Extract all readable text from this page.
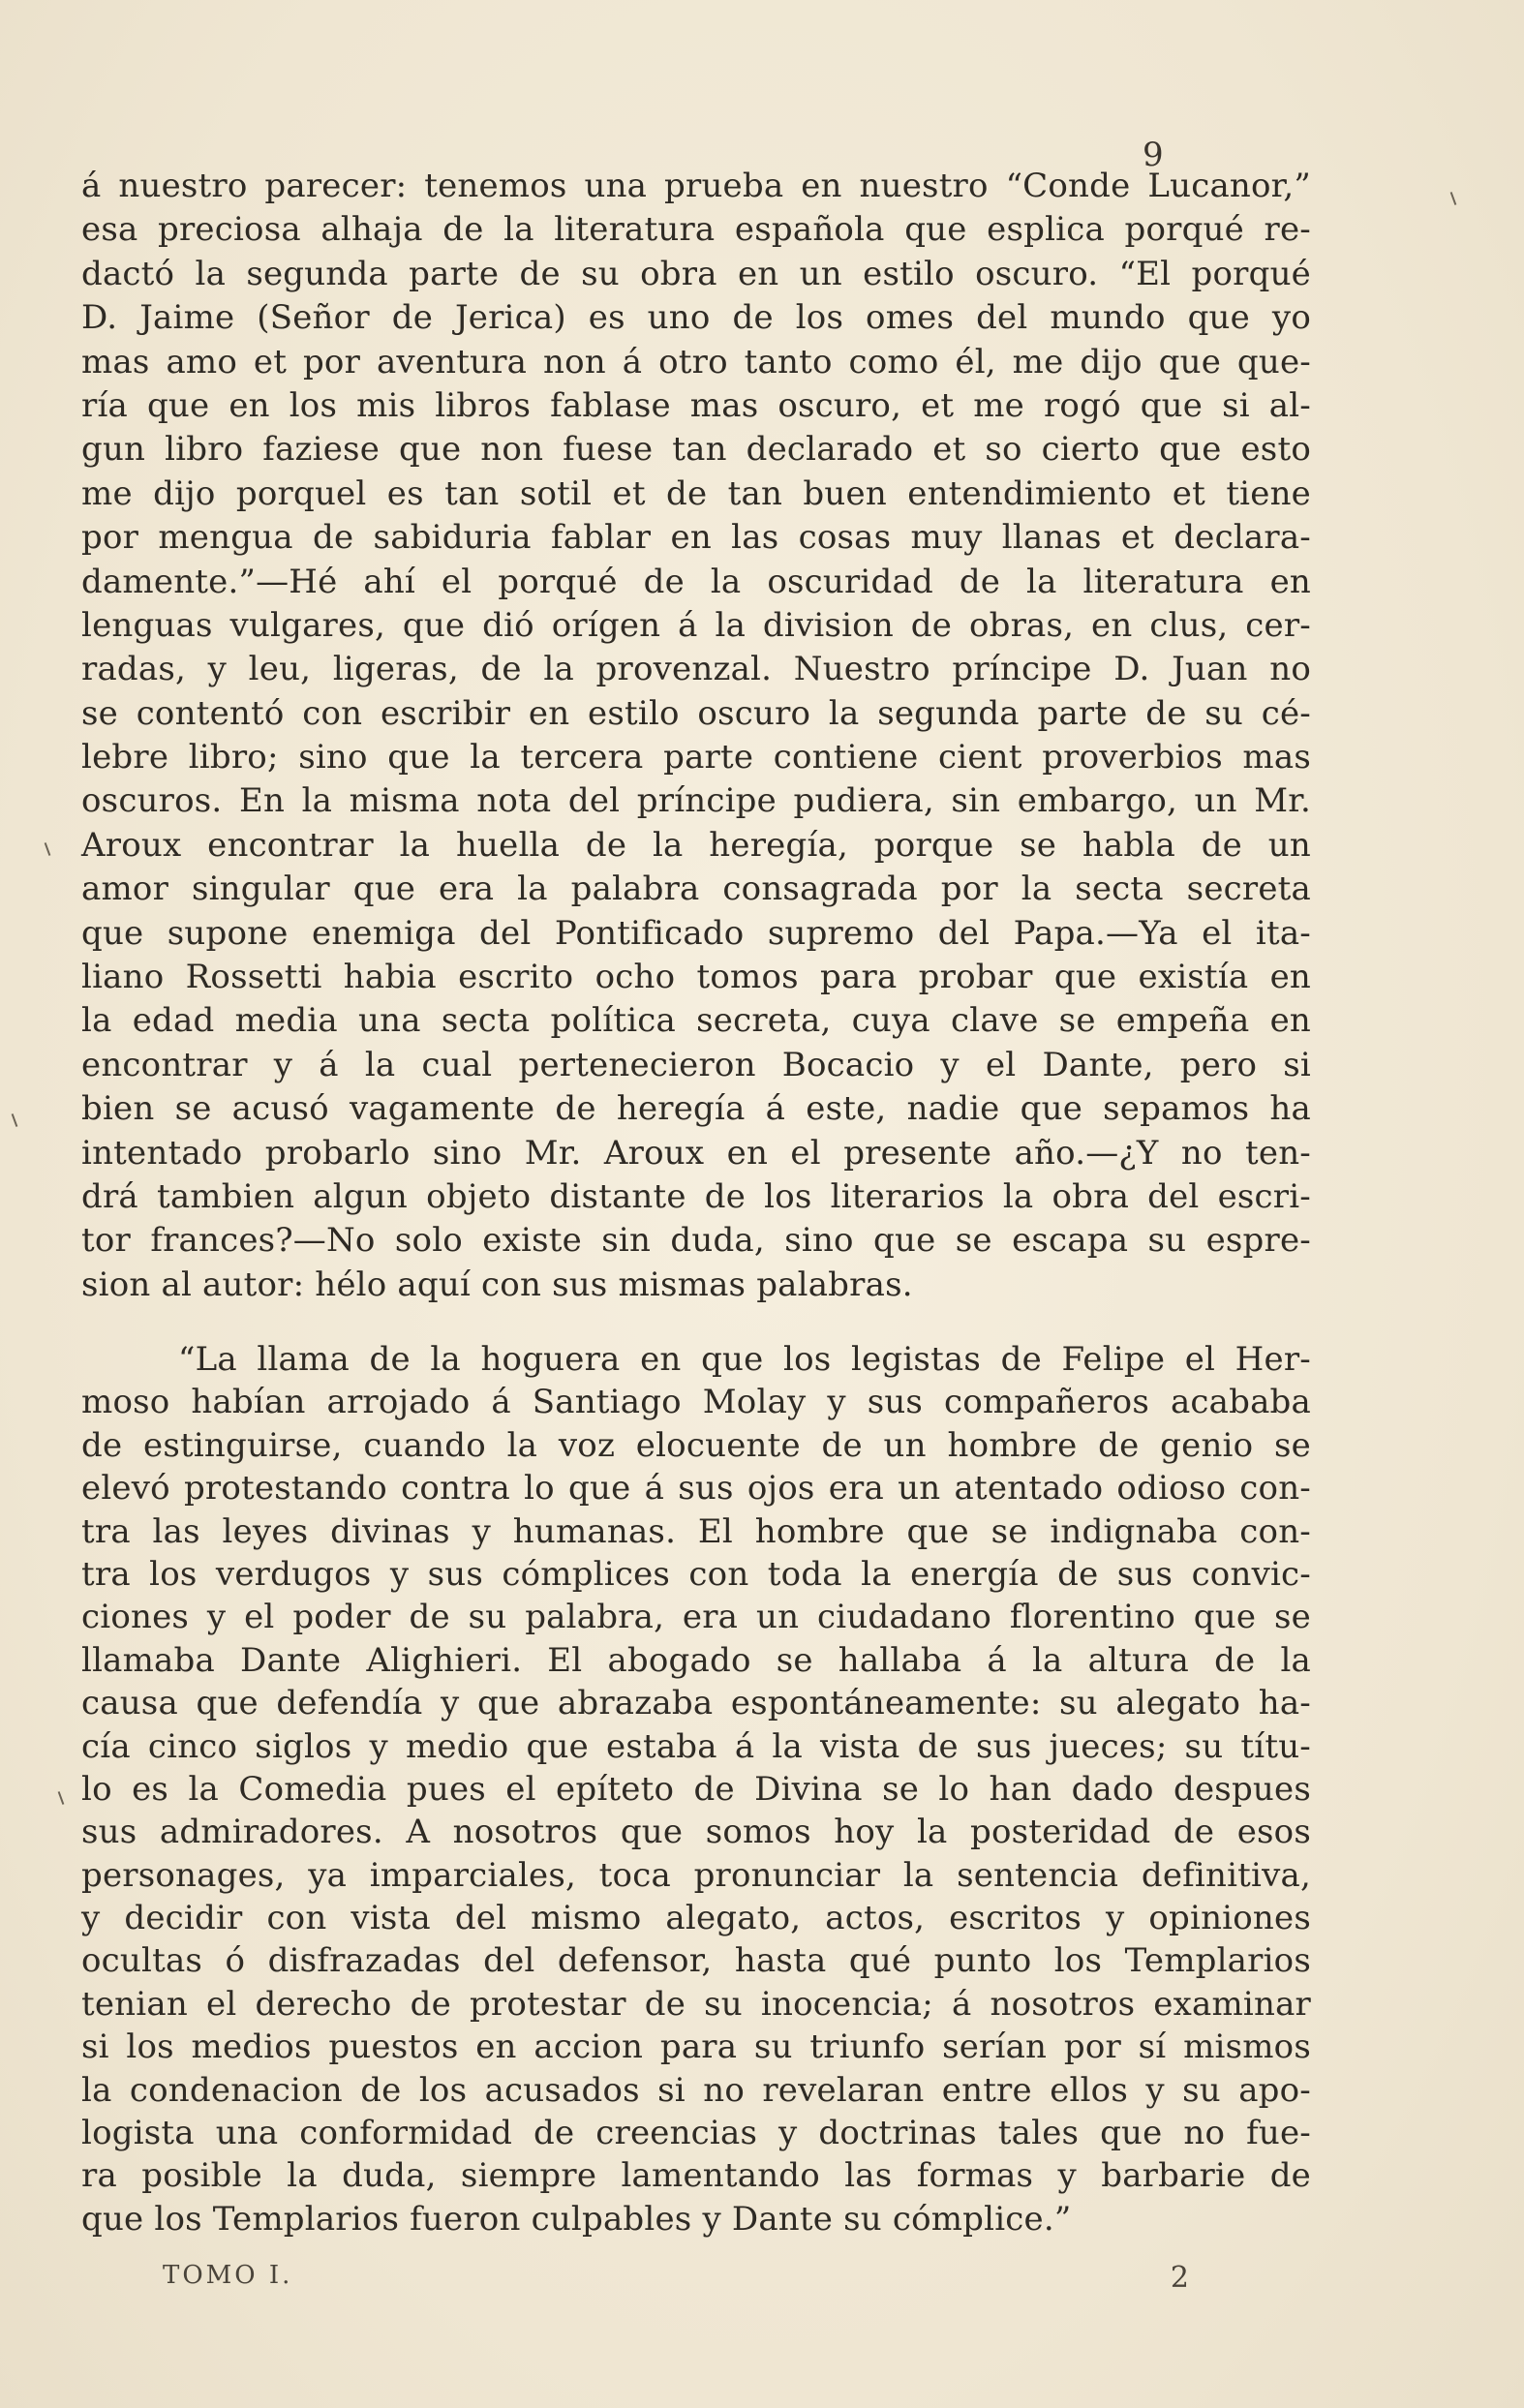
9
á nuestro parecer: tenemos una prueba en nuestro “Conde Lucanor,”
esa preciosa alhaja de la literatura española que esplica porqué re-
dactó la segunda parte de su obra en un estilo oscuro. “El porqué
D. Jaime (Señor de Jerica) es uno de los omes del mundo que yo
mas amo et por aventura non á otro tanto como él, me dijo que que-
ría que en los mis libros fablase mas oscuro, et me rogó que si al-
gun libro faziese que non fuese tan declarado et so cierto que esto
me dijo porquel es tan sotil et de tan buen entendimiento et tiene
por mengua de sabiduria fablar en las cosas muy llanas et declara-
damente.”—Hé ahí el porqué de la oscuridad de la literatura en
lenguas vulgares, que dió orígen á la division de obras, en clus, cer-
radas, y leu, ligeras, de la provenzal. Nuestro príncipe D. Juan no
se contentó con escribir en estilo oscuro la segunda parte de su cé-
lebre libro; sino que la tercera parte contiene cient proverbios mas
oscuros. En la misma nota del príncipe pudiera, sin embargo, un Mr.
Aroux encontrar la huella de la heregía, porque se habla de un
amor singular que era la palabra consagrada por la secta secreta
que supone enemiga del Pontificado supremo del Papa.—Ya el ita-
liano Rossetti habia escrito ocho tomos para probar que existía en
la edad media una secta política secreta, cuya clave se empeña en
encontrar y á la cual pertenecieron Bocacio y el Dante, pero si
bien se acusó vagamente de heregía á este, nadie que sepamos ha
intentado probarlo sino Mr. Aroux en el presente año.—¿Y no ten-
drá tambien algun objeto distante de los literarios la obra del escri-
tor frances?—No solo existe sin duda, sino que se escapa su espre-
sion al autor: hélo aquí con sus mismas palabras.
“La llama de la hoguera en que los legistas de Felipe el Her-
moso habían arrojado á Santiago Molay y sus compañeros acababa
de estinguirse, cuando la voz elocuente de un hombre de genio se
elevó protestando contra lo que á sus ojos era un atentado odioso con-
tra las leyes divinas y humanas. El hombre que se indignaba con-
tra los verdugos y sus cómplices con toda la energía de sus convic-
ciones y el poder de su palabra, era un ciudadano florentino que se
llamaba Dante Alighieri. El abogado se hallaba á la altura de la
causa que defendía y que abrazaba espontáneamente: su alegato ha-
cía cinco siglos y medio que estaba á la vista de sus jueces; su títu-
lo es la Comedia pues el epíteto de Divina se lo han dado despues
sus admiradores. A nosotros que somos hoy la posteridad de esos
personages, ya imparciales, toca pronunciar la sentencia definitiva,
y decidir con vista del mismo alegato, actos, escritos y opiniones
ocultas ó disfrazadas del defensor, hasta qué punto los Templarios
tenian el derecho de protestar de su inocencia; á nosotros examinar
si los medios puestos en accion para su triunfo serían por sí mismos
la condenacion de los acusados si no revelaran entre ellos y su apo-
logista una conformidad de creencias y doctrinas tales que no fue-
ra posible la duda, siempre lamentando las formas y barbarie de
que los Templarios fueron culpables y Dante su cómplice.”
TOMO I.	2
